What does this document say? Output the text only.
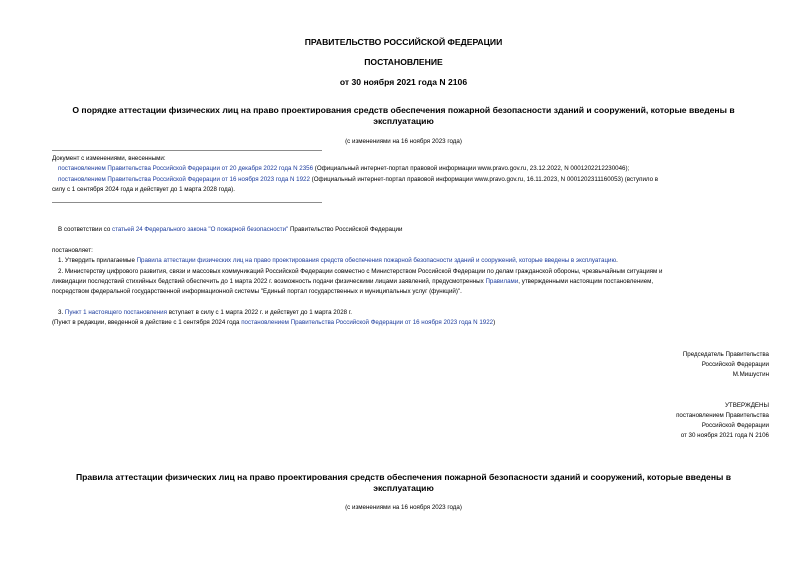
ПРАВИТЕЛЬСТВО РОССИЙСКОЙ ФЕДЕРАЦИИ
ПОСТАНОВЛЕНИЕ
от 30 ноября 2021 года N 2106
О порядке аттестации физических лиц на право проектирования средств обеспечения пожарной безопасности зданий и сооружений, которые введены в
эксплуатацию
(с изменениями на 16 ноября 2023 года)
Документ с изменениями, внесенными:
постановлением Правительства Российской Федерации от 20 декабря 2022 года N 2356 (Официальный интернет-портал правовой информации www.pravo.gov.ru, 23.12.2022, N 0001202212230046);
постановлением Правительства Российской Федерации от 16 ноября 2023 года N 1922 (Официальный интернет-портал правовой информации www.pravo.gov.ru, 16.11.2023, N 0001202311160053) (вступило в
силу с 1 сентября 2024 года и действует до 1 марта 2028 года).
В соответствии со статьей 24 Федерального закона "О пожарной безопасности" Правительство Российской Федерации
постановляет:
1. Утвердить прилагаемые Правила аттестации физических лиц на право проектирования средств обеспечения пожарной безопасности зданий и сооружений, которые введены в эксплуатацию.
2. Министерству цифрового развития, связи и массовых коммуникаций Российской Федерации совместно с Министерством Российской Федерации по делам гражданской обороны, чрезвычайным ситуациям и
ликвидации последствий стихийных бедствий обеспечить до 1 марта 2022 г. возможность подачи физическими лицами заявлений, предусмотренных Правилами, утвержденными настоящим постановлением,
посредством федеральной государственной информационной системы "Единый портал государственных и муниципальных услуг (функций)".
3. Пункт 1 настоящего постановления вступает в силу с 1 марта 2022 г. и действует до 1 марта 2028 г.
(Пункт в редакции, введенной в действие с 1 сентября 2024 года постановлением Правительства Российской Федерации от 16 ноября 2023 года N 1922)
Председатель Правительства
Российской Федерации
М.Мишустин
УТВЕРЖДЕНЫ
постановлением Правительства
Российской Федерации
от 30 ноября 2021 года N 2106
Правила аттестации физических лиц на право проектирования средств обеспечения пожарной безопасности зданий и сооружений, которые введены в
эксплуатацию
(с изменениями на 16 ноября 2023 года)
